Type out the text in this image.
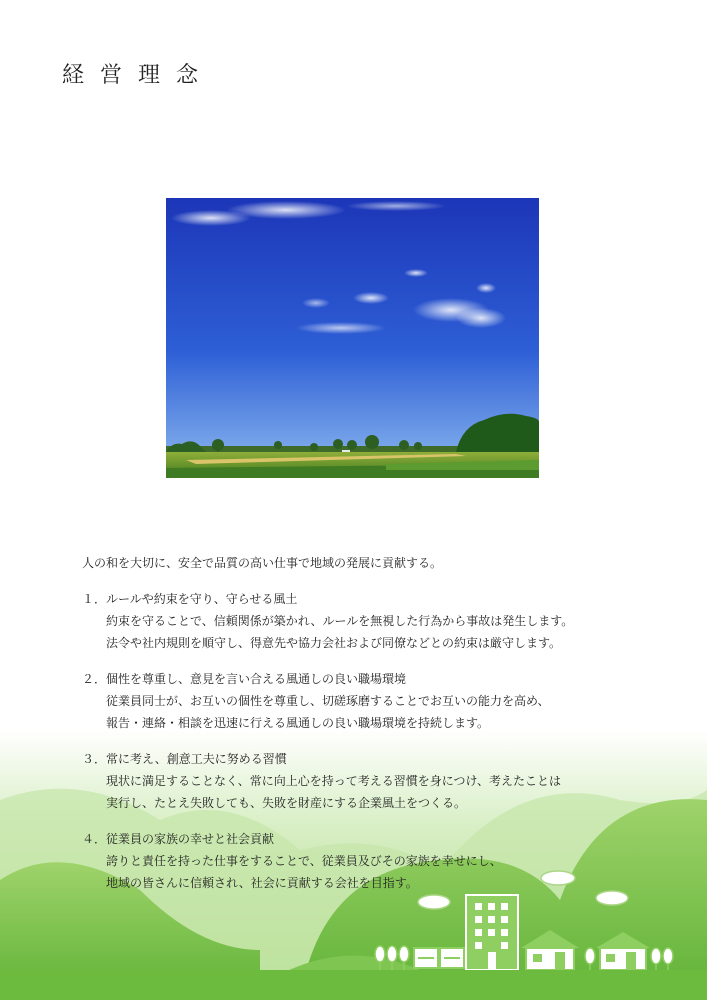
経営理念
人の和を大切に、安全で品質の高い仕事で地域の発展に貢献する。
１． ルールや約束を守り、守らせる風土
約束を守ることで、信頼関係が築かれ、ルールを無視した行為から事故は発生します。
法令や社内規則を順守し、得意先や協力会社および同僚などとの約束は厳守します。
２． 個性を尊重し、意見を言い合える風通しの良い職場環境
従業員同士が、お互いの個性を尊重し、切磋琢磨することでお互いの能力を高め、
報告・連絡・相談を迅速に行える風通しの良い職場環境を持続します。
３． 常に考え、創意工夫に努める習慣
現状に満足することなく、常に向上心を持って考える習慣を身につけ、考えたことは
実行し、たとえ失敗しても、失敗を財産にする企業風土をつくる。
４． 従業員の家族の幸せと社会貢献
誇りと責任を持った仕事をすることで、従業員及びその家族を幸せにし、
地域の皆さんに信頼され、社会に貢献する会社を目指す。
